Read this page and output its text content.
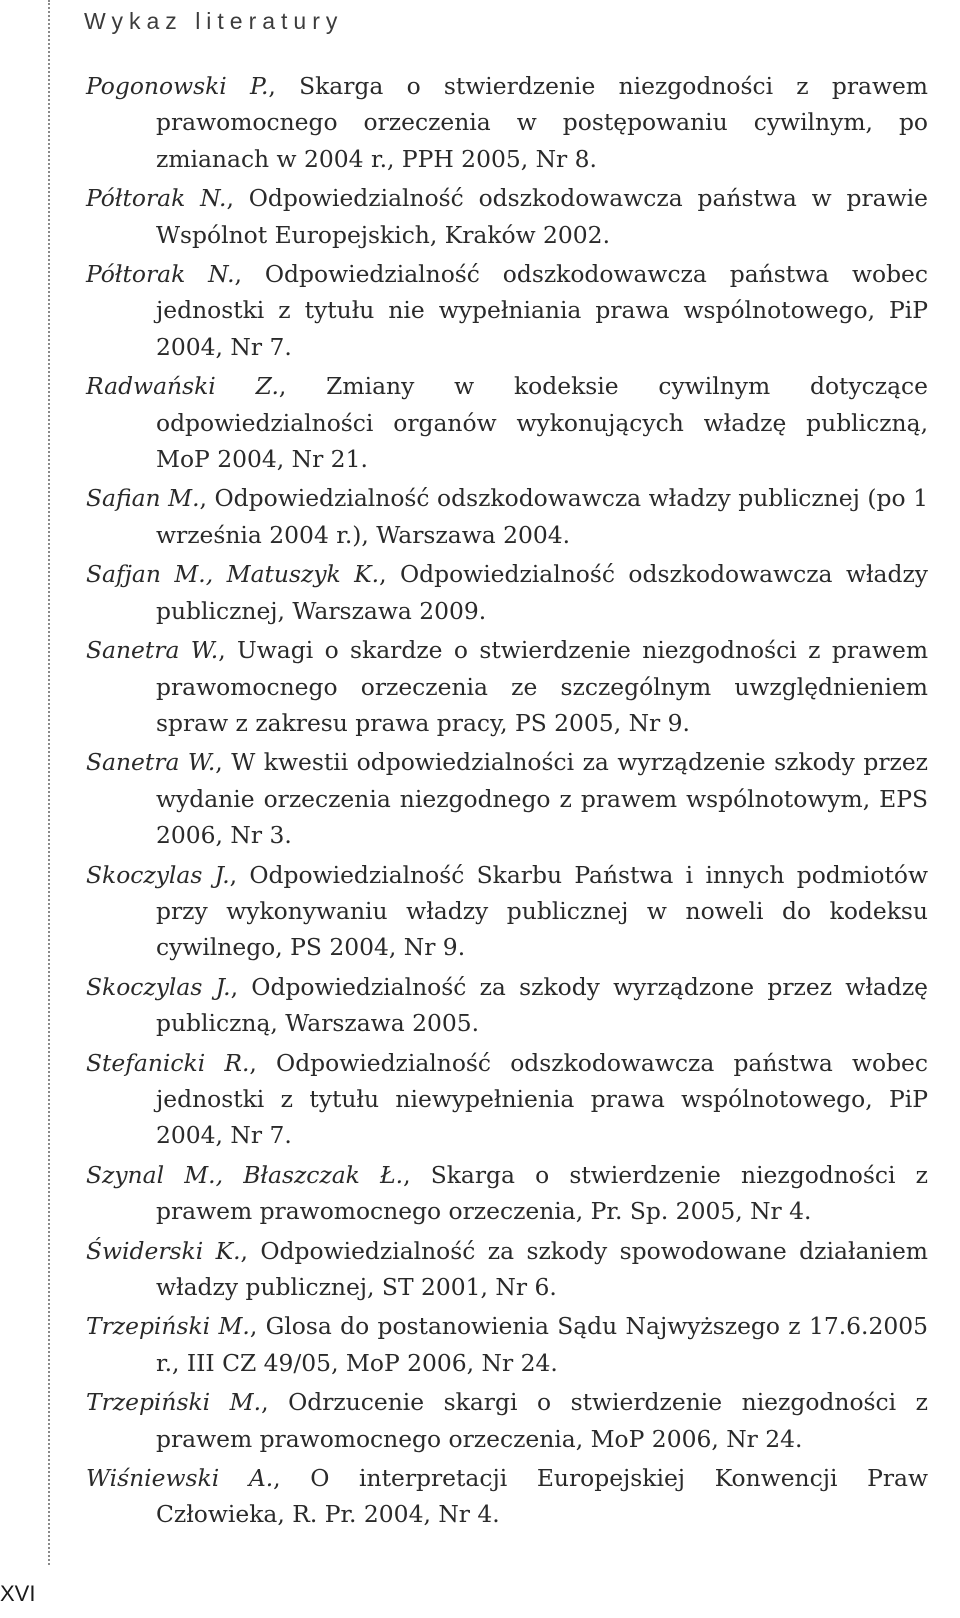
Wykaz literatury

Pogonowski P., Skarga o stwierdzenie niezgodności z prawem prawomocnego orzeczenia w postępowaniu cywilnym, po zmianach w 2004 r., PPH 2005, Nr 8.

Półtorak N., Odpowiedzialność odszkodowawcza państwa w prawie Wspólnot Europejskich, Kraków 2002.

Półtorak N., Odpowiedzialność odszkodowawcza państwa wobec jednostki z tytułu nie wypełniania prawa wspólnotowego, PiP 2004, Nr 7.

Radwański Z., Zmiany w kodeksie cywilnym dotyczące odpowiedzialności organów wykonujących władzę publiczną, MoP 2004, Nr 21.

Safian M., Odpowiedzialność odszkodowawcza władzy publicznej (po 1 września 2004 r.), Warszawa 2004.

Safjan M., Matuszyk K., Odpowiedzialność odszkodowawcza władzy publicznej, Warszawa 2009.

Sanetra W., Uwagi o skardze o stwierdzenie niezgodności z prawem prawomocnego orzeczenia ze szczególnym uwzględnieniem spraw z zakresu prawa pracy, PS 2005, Nr 9.

Sanetra W., W kwestii odpowiedzialności za wyrządzenie szkody przez wydanie orzeczenia niezgodnego z prawem wspólnotowym, EPS 2006, Nr 3.

Skoczylas J., Odpowiedzialność Skarbu Państwa i innych podmiotów przy wykonywaniu władzy publicznej w noweli do kodeksu cywilnego, PS 2004, Nr 9.

Skoczylas J., Odpowiedzialność za szkody wyrządzone przez władzę publiczną, Warszawa 2005.

Stefanicki R., Odpowiedzialność odszkodowawcza państwa wobec jednostki z tytułu niewypełnienia prawa wspólnotowego, PiP 2004, Nr 7.

Szynal M., Błaszczak Ł., Skarga o stwierdzenie niezgodności z prawem prawomocnego orzeczenia, Pr. Sp. 2005, Nr 4.

Świderski K., Odpowiedzialność za szkody spowodowane działaniem władzy publicznej, ST 2001, Nr 6.

Trzepiński M., Glosa do postanowienia Sądu Najwyższego z 17.6.2005 r., III CZ 49/05, MoP 2006, Nr 24.

Trzepiński M., Odrzucenie skargi o stwierdzenie niezgodności z prawem prawomocnego orzeczenia, MoP 2006, Nr 24.

Wiśniewski A., O interpretacji Europejskiej Konwencji Praw Człowieka, R. Pr. 2004, Nr 4.

XVI
